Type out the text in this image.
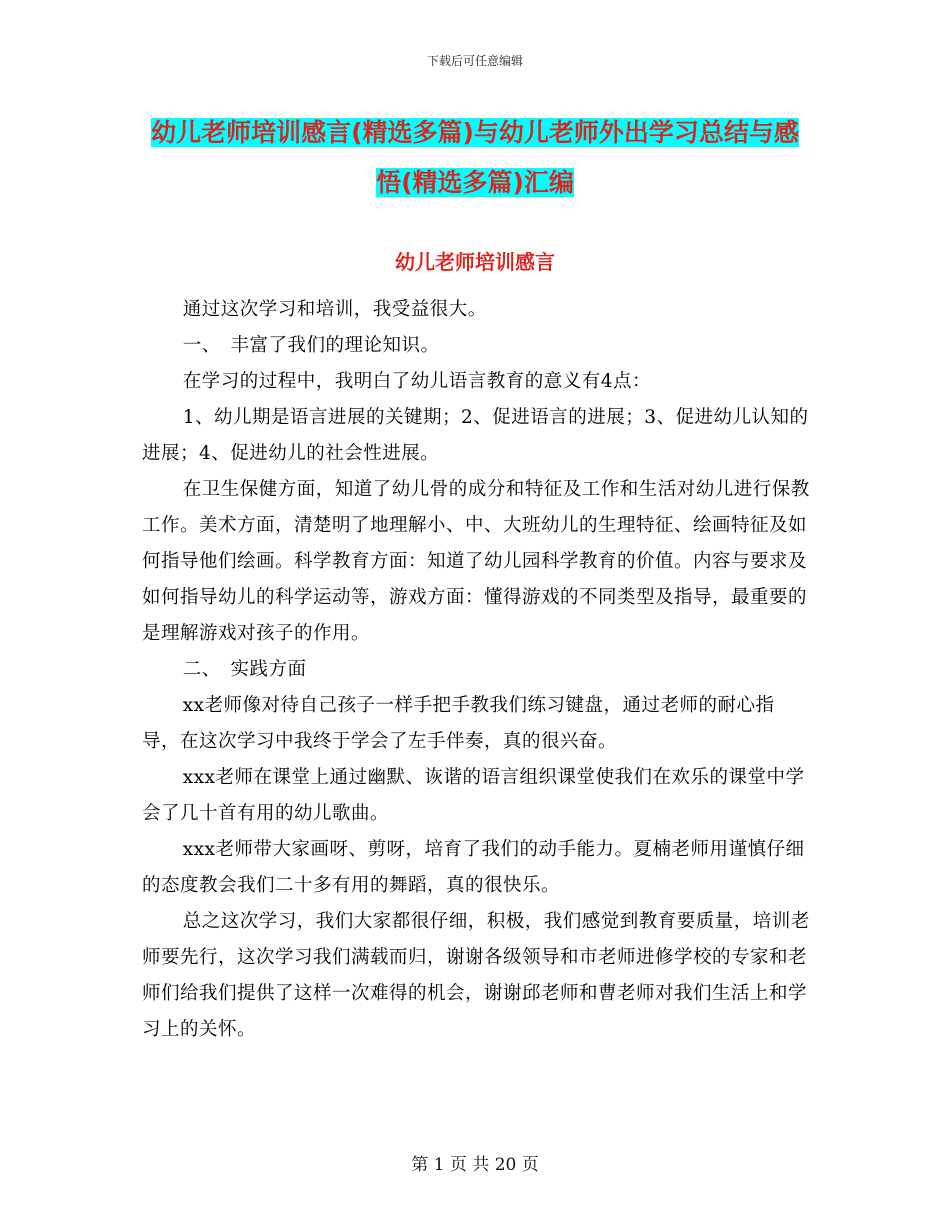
下载后可任意编辑
幼儿老师培训感言(精选多篇)与幼儿老师外出学习总结与感悟(精选多篇)汇编
幼儿老师培训感言

通过这次学习和培训，我受益很大。

一、　丰富了我们的理论知识。

在学习的过程中，我明白了幼儿语言教育的意义有4点：

1、幼儿期是语言进展的关键期；2、促进语言的进展；3、促进幼儿认知的进展；4、促进幼儿的社会性进展。

在卫生保健方面，知道了幼儿骨的成分和特征及工作和生活对幼儿进行保教工作。美术方面，清楚明了地理解小、中、大班幼儿的生理特征、绘画特征及如何指导他们绘画。科学教育方面：知道了幼儿园科学教育的价值。内容与要求及如何指导幼儿的科学运动等，游戏方面：懂得游戏的不同类型及指导，最重要的是理解游戏对孩子的作用。

二、　实践方面

xx老师像对待自己孩子一样手把手教我们练习键盘，通过老师的耐心指导，在这次学习中我终于学会了左手伴奏，真的很兴奋。

xxx老师在课堂上通过幽默、诙谐的语言组织课堂使我们在欢乐的课堂中学会了几十首有用的幼儿歌曲。

xxx老师带大家画呀、剪呀，培育了我们的动手能力。夏楠老师用谨慎仔细的态度教会我们二十多有用的舞蹈，真的很快乐。

总之这次学习，我们大家都很仔细，积极，我们感觉到教育要质量，培训老师要先行，这次学习我们满载而归，谢谢各级领导和市老师进修学校的专家和老师们给我们提供了这样一次难得的机会，谢谢邱老师和曹老师对我们生活上和学习上的关怀。

第 1 页 共 20 页
